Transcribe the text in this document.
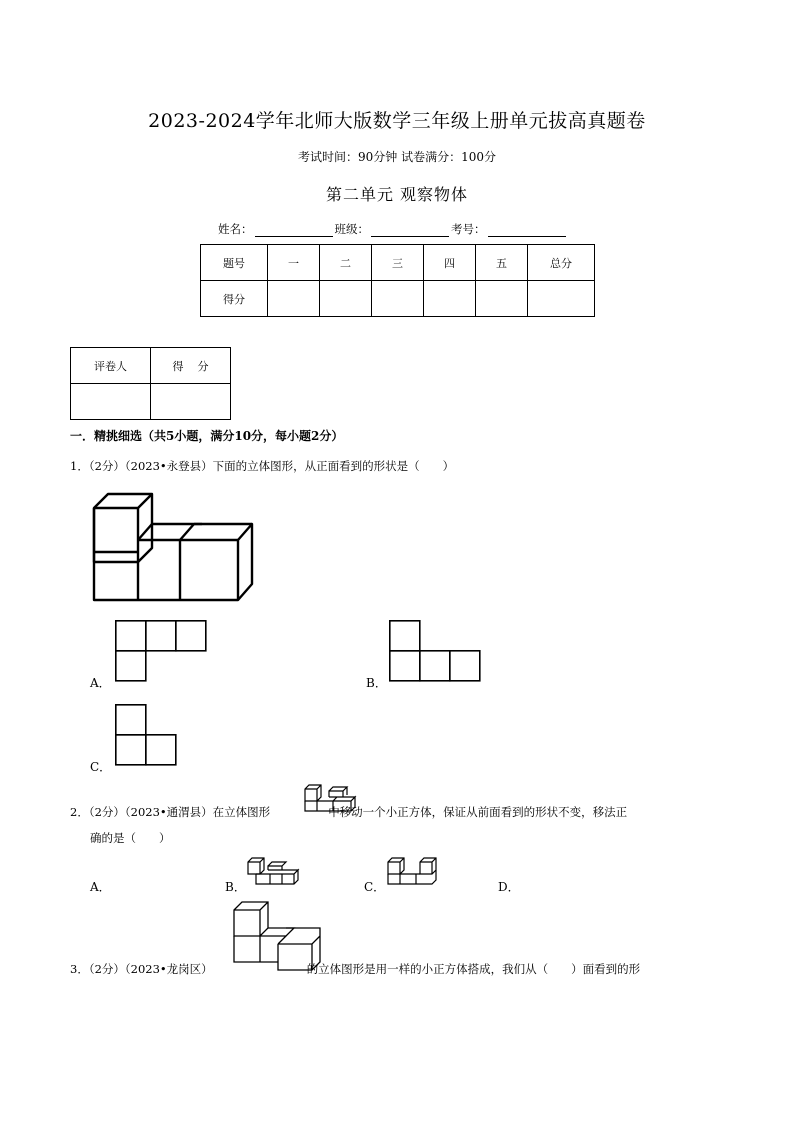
2023-2024学年北师大版数学三年级上册单元拔高真题卷
考试时间：90分钟 试卷满分：100分
第二单元 观察物体
姓名：	班级：	考号：
题号	一	二	三	四	五	总分
得分						
评卷人	得    分

一．精挑细选（共5小题，满分10分，每小题2分）
1．（2分）（2023•永登县）下面的立体图形，从正面看到的形状是（　　）
A．	B．
C．
2．（2分）（2023•通渭县）在立体图形	中移动一个小正方体，保证从前面看到的形状不变，移法正
确的是（　　）
A．	B．	C．	D．
3．（2分）（2023•龙岗区）	的立体图形是用一样的小正方体搭成，我们从（　　）面看到的形
